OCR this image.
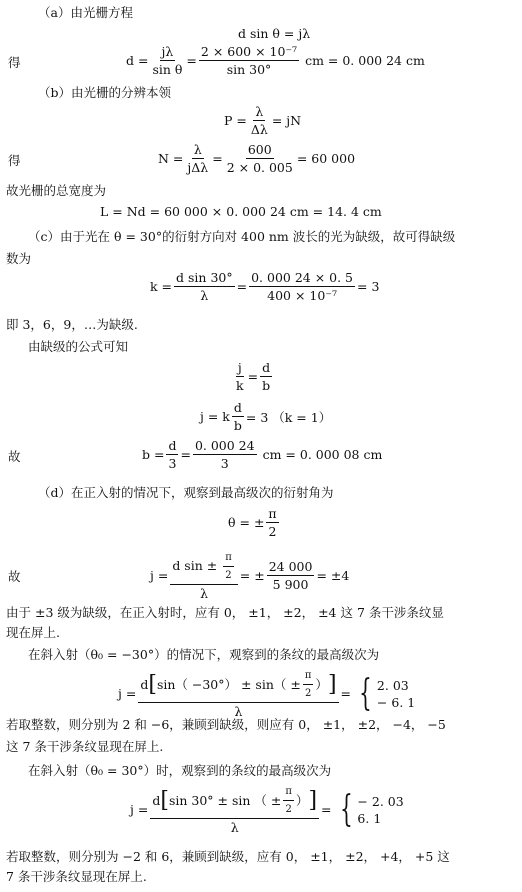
（a）由光栅方程
d sin θ = jλ
得	$d = \frac{j\lambda}{\text{sin θ}} = \frac{\text{2 × 600 × 10⁻⁷}}{\sin 30^\circ}$ cm = 0. 000 24 cm
（b）由光栅的分辨本领
$P = \frac{\lambda}{\Delta\lambda}$ = jN
得	$N = \frac{\lambda}{\text{jΔλ}} = \frac{600}{2 \times 0. 005} = 60$ 000
故光栅的总宽度为
L = Nd = 60 000 × 0. 000 24 cm = 14. 4 cm
（c）由于光在 θ = 30°的衍射方向对 400 nm 波长的光为缺级，故可得缺级
数为
$k = \frac{\text{d sin 30°}}{\lambda} = \frac{0. 000 24 \times 0. 5}{\text{400 × 10⁻⁷}} = 3$
即 3，6，9，…为缺级.
由缺级的公式可知
$\frac{j}{k} = \frac{d}{b}$
j = k $\frac{d}{b} = 3$ （k = 1）
故	$b = \frac{d}{3} = \frac{0. 000 24}{3}$ cm = 0. 000 08 cm
（d）在正入射的情况下，观察到最高级次的衍射角为
θ = ± $\frac{\pi}{2}$
故	$j = \frac{d \sin \pm \frac{\pi}{2}}{\lambda}$ = ± $\frac{24 000}{5 900} = \pm 4$
由于 ±3 级为缺级，在正入射时，应有 0， ±1， ±2， ±4 这 7 条干涉条纹显
现在屏上.
在斜入射（θ₀ = −30°）的情况下，观察到的条纹的最高级次为
j =
d [ $\sin( -30^\circ) \pm \sin( \pm \frac{\pi}{2}$ ） ]
λ
= { 2. 03
− 6. 1
若取整数，则分别为 2 和 −6，兼顾到缺级，则应有 0， ±1， ±2， −4， −5
这 7 条干涉条纹显现在屏上.
在斜入射（θ₀ = 30°）时，观察到的条纹的最高级次为
j =
d [ sin 30° ± sin （ ± $\frac{\pi}{2}$ ） ]
λ
= { − 2. 03
6. 1
若取整数，则分别为 −2 和 6，兼顾到缺级，应有 0， ±1， ±2， +4， +5 这
7 条干涉条纹显现在屏上.
